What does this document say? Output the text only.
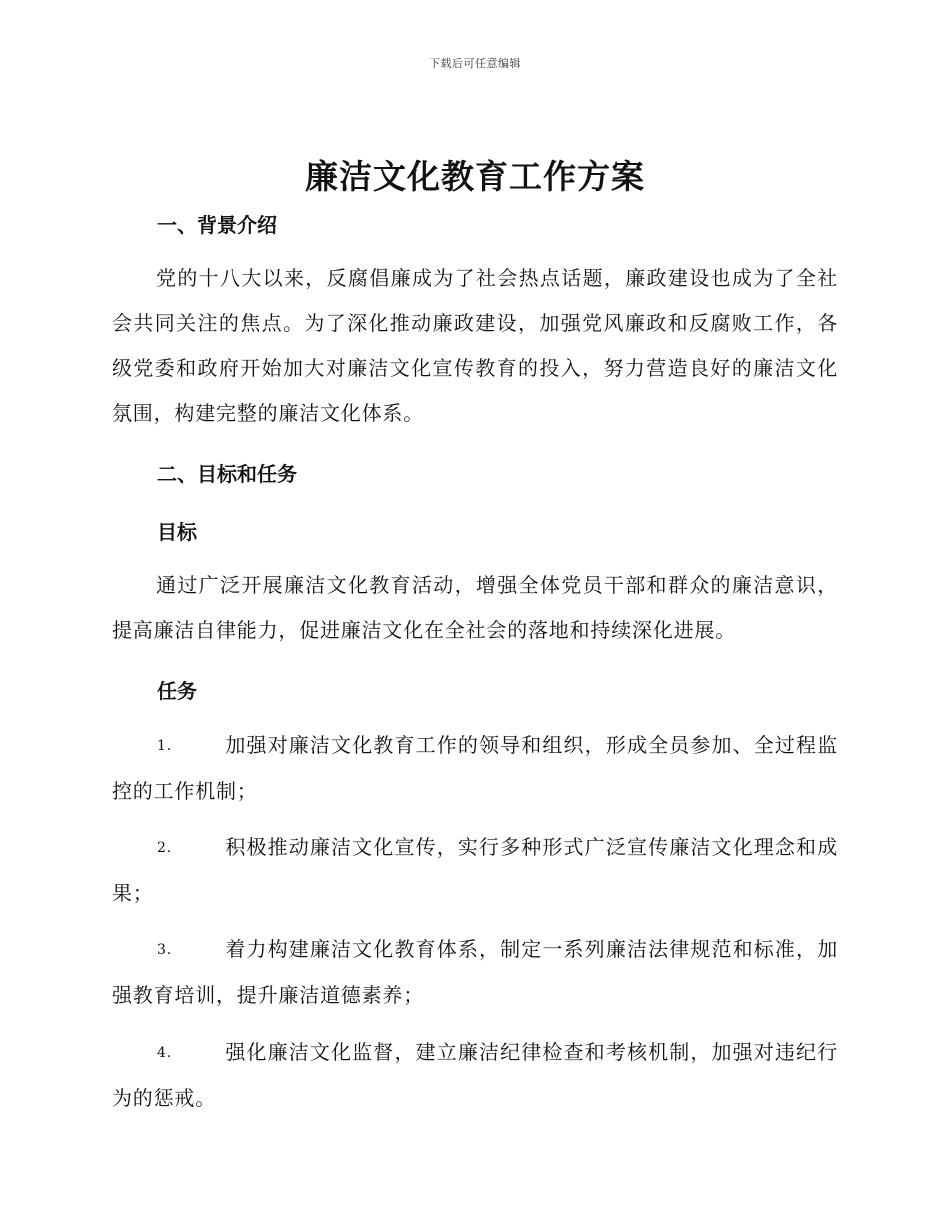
下载后可任意编辑
廉洁文化教育工作方案
一、背景介绍

党的十八大以来，反腐倡廉成为了社会热点话题，廉政建设也成为了全社会共同关注的焦点。为了深化推动廉政建设，加强党风廉政和反腐败工作，各级党委和政府开始加大对廉洁文化宣传教育的投入，努力营造良好的廉洁文化氛围，构建完整的廉洁文化体系。

二、目标和任务
目标

通过广泛开展廉洁文化教育活动，增强全体党员干部和群众的廉洁意识，提高廉洁自律能力，促进廉洁文化在全社会的落地和持续深化进展。

任务

1.	加强对廉洁文化教育工作的领导和组织，形成全员参加、全过程监控的工作机制；

2.	积极推动廉洁文化宣传，实行多种形式广泛宣传廉洁文化理念和成果；

3.	着力构建廉洁文化教育体系，制定一系列廉洁法律规范和标准，加强教育培训，提升廉洁道德素养；

4.	强化廉洁文化监督，建立廉洁纪律检查和考核机制，加强对违纪行为的惩戒。
